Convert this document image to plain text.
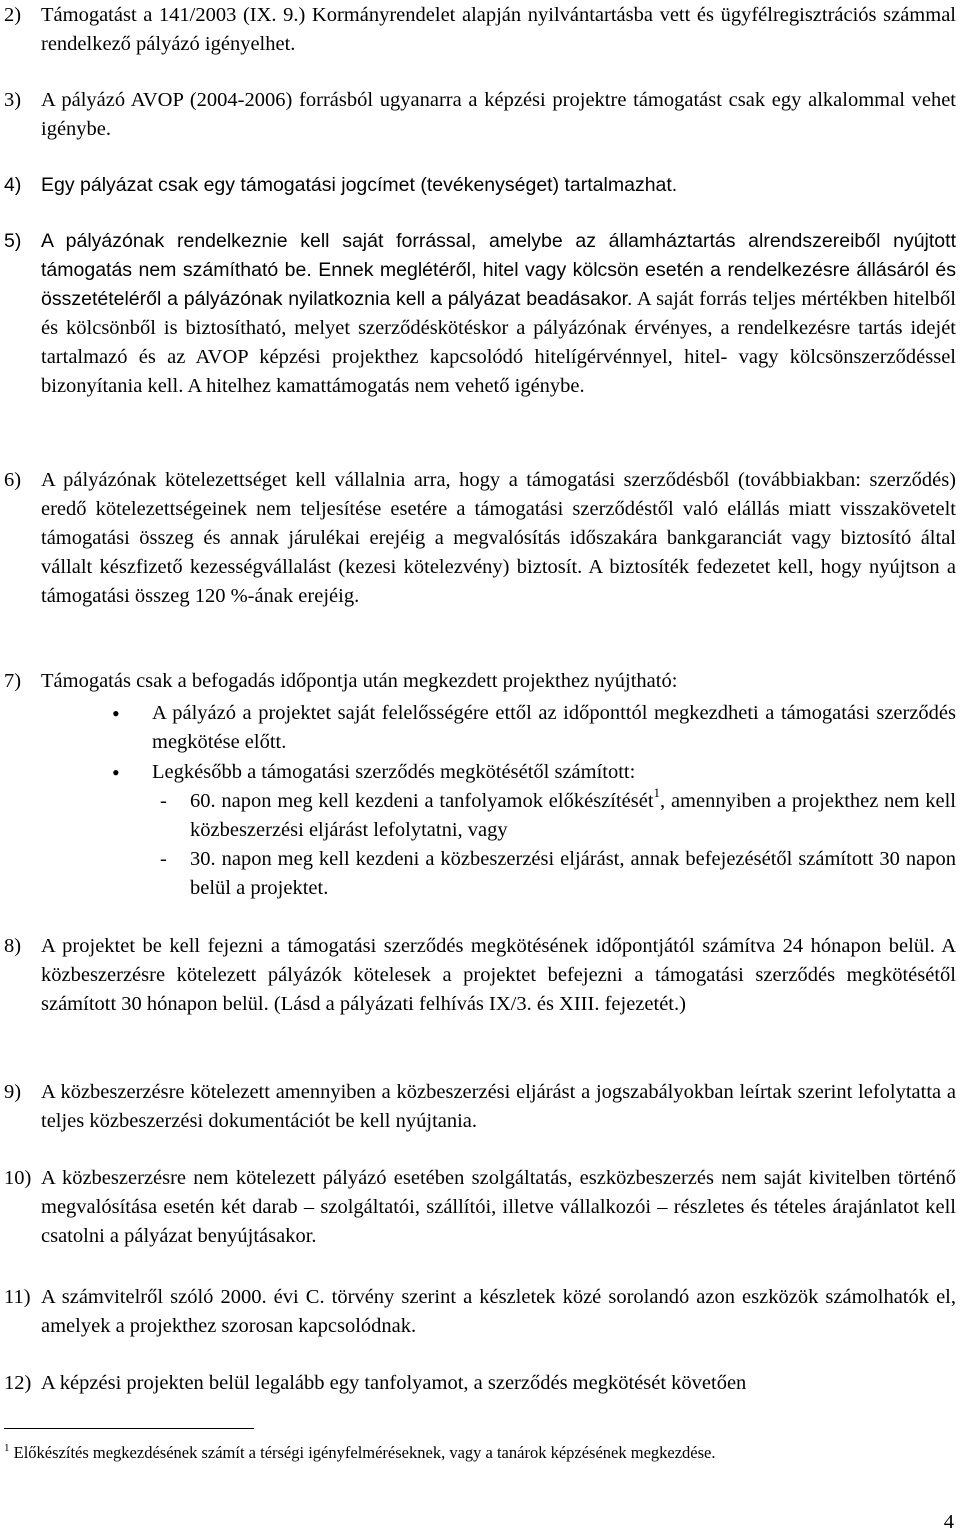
2) Támogatást a 141/2003 (IX. 9.) Kormányrendelet alapján nyilvántartásba vett és ügyfélregisztrációs számmal rendelkező pályázó igényelhet.
3) A pályázó AVOP (2004-2006) forrásból ugyanarra a képzési projektre támogatást csak egy alkalommal vehet igénybe.
4) Egy pályázat csak egy támogatási jogcímet (tevékenységet) tartalmazhat.
5) A pályázónak rendelkeznie kell saját forrással, amelybe az államháztartás alrendszereiből nyújtott támogatás nem számítható be. Ennek meglétéről, hitel vagy kölcsön esetén a rendelkezésre állásáról és összetételéről a pályázónak nyilatkoznia kell a pályázat beadásakor. A saját forrás teljes mértékben hitelből és kölcsönből is biztosítható, melyet szerződéskötéskor a pályázónak érvényes, a rendelkezésre tartás idejét tartalmazó és az AVOP képzési projekthez kapcsolódó hitelígérvénnyel, hitel- vagy kölcsönszerződéssel bizonyítania kell. A hitelhez kamattámogatás nem vehető igénybe.
6) A pályázónak kötelezettséget kell vállalnia arra, hogy a támogatási szerződésből (továbbiakban: szerződés) eredő kötelezettségeinek nem teljesítése esetére a támogatási szerződéstől való elállás miatt visszakövetelt támogatási összeg és annak járulékai erejéig a megvalósítás időszakára bankgaranciát vagy biztosító által vállalt készfizető kezességvállalást (kezesi kötelezvény) biztosít. A biztosíték fedezetet kell, hogy nyújtson a támogatási összeg 120 %-ának erejéig.
7) Támogatás csak a befogadás időpontja után megkezdett projekthez nyújtható:
• A pályázó a projektet saját felelősségére ettől az időponttól megkezdheti a támogatási szerződés megkötése előtt.
• Legkésőbb a támogatási szerződés megkötésétől számított:
- 60. napon meg kell kezdeni a tanfolyamok előkészítését$^1$, amennyiben a projekthez nem kell közbeszerzési eljárást lefolytatni, vagy
- 30. napon meg kell kezdeni a közbeszerzési eljárást, annak befejezésétől számított 30 napon belül a projektet.
8) A projektet be kell fejezni a támogatási szerződés megkötésének időpontjától számítva 24 hónapon belül. A közbeszerzésre kötelezett pályázók kötelesek a projektet befejezni a támogatási szerződés megkötésétől számított 30 hónapon belül. (Lásd a pályázati felhívás IX/3. és XIII. fejezetét.)
9) A közbeszerzésre kötelezett amennyiben a közbeszerzési eljárást a jogszabályokban leírtak szerint lefolytatta a teljes közbeszerzési dokumentációt be kell nyújtania.
10) A közbeszerzésre nem kötelezett pályázó esetében szolgáltatás, eszközbeszerzés nem saját kivitelben történő megvalósítása esetén két darab – szolgáltatói, szállítói, illetve vállalkozói – részletes és tételes árajánlatot kell csatolni a pályázat benyújtásakor.
11) A számvitelről szóló 2000. évi C. törvény szerint a készletek közé sorolandó azon eszközök számolhatók el, amelyek a projekthez szorosan kapcsolódnak.
12) A képzési projekten belül legalább egy tanfolyamot, a szerződés megkötését követően
$^1$ Előkészítés megkezdésének számít a térségi igényfelméréseknek, vagy a tanárok képzésének megkezdése.
4
